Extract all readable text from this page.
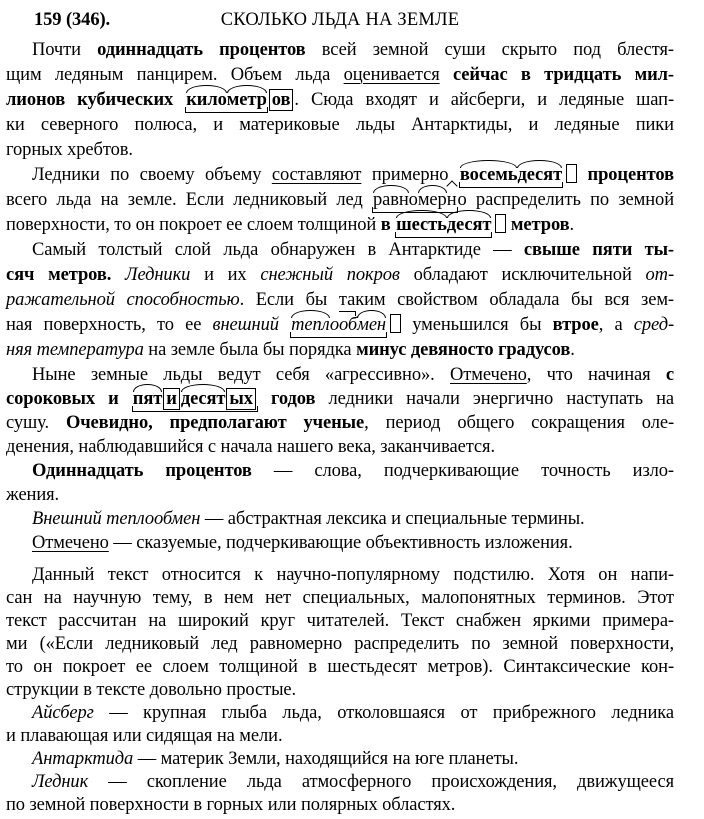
159 (346).	СКОЛЬКО ЛЬДА НА ЗЕМЛЕ
Почти одиннадцать процентов всей земной суши скрыто под блестя-
щим ледяным панцирем. Объем льда оценивается сейчас в тридцать мил-
лионов кубических километр ов . Сюда входят и айсберги, и ледяные шап-
ки северного полюса, и материковые льды Антарктиды, и ледяные пики
горных хребтов.
Ледники по своему объему составляют примерно восемьдесят процентов
всего льда на земле. Если ледниковый лед равномерно распределить по земной
поверхности, то он покроет ее слоем толщиной в шестьдесят метров.
Самый толстый слой льда обнаружен в Антарктиде — свыше пяти ты-
сяч метров. Ледники и их снежный покров обладают исключительной от-
ражательной способностью. Если бы таким свойством обладала бы вся зем-
ная поверхность, то ее внешний теплообмен уменьшился бы втрое, а сред-
няя температура на земле была бы порядка минус девяносто градусов.
Ныне земные льды ведут себя «агрессивно». Отмечено, что начиная с
сороковых и пят и десят ых годов ледники начали энергично наступать на
сушу. Очевидно, предполагают ученые, период общего сокращения оле-
денения, наблюдавшийся с начала нашего века, заканчивается.
Одиннадцать процентов — слова, подчеркивающие точность изло-
жения.
Внешний теплообмен — абстрактная лексика и специальные термины.
Отмечено — сказуемые, подчеркивающие объективность изложения.
Данный текст относится к научно-популярному подстилю. Хотя он напи-
сан на научную тему, в нем нет специальных, малопонятных терминов. Этот
текст рассчитан на широкий круг читателей. Текст снабжен яркими примера-
ми («Если ледниковый лед равномерно распределить по земной поверхности,
то он покроет ее слоем толщиной в шестьдесят метров). Синтаксические кон-
струкции в тексте довольно простые.
Айсберг — крупная глыба льда, отколовшаяся от прибрежного ледника
и плавающая или сидящая на мели.
Антарктида — материк Земли, находящийся на юге планеты.
Ледник — скопление льда атмосферного происхождения, движущееся
по земной поверхности в горных или полярных областях.
